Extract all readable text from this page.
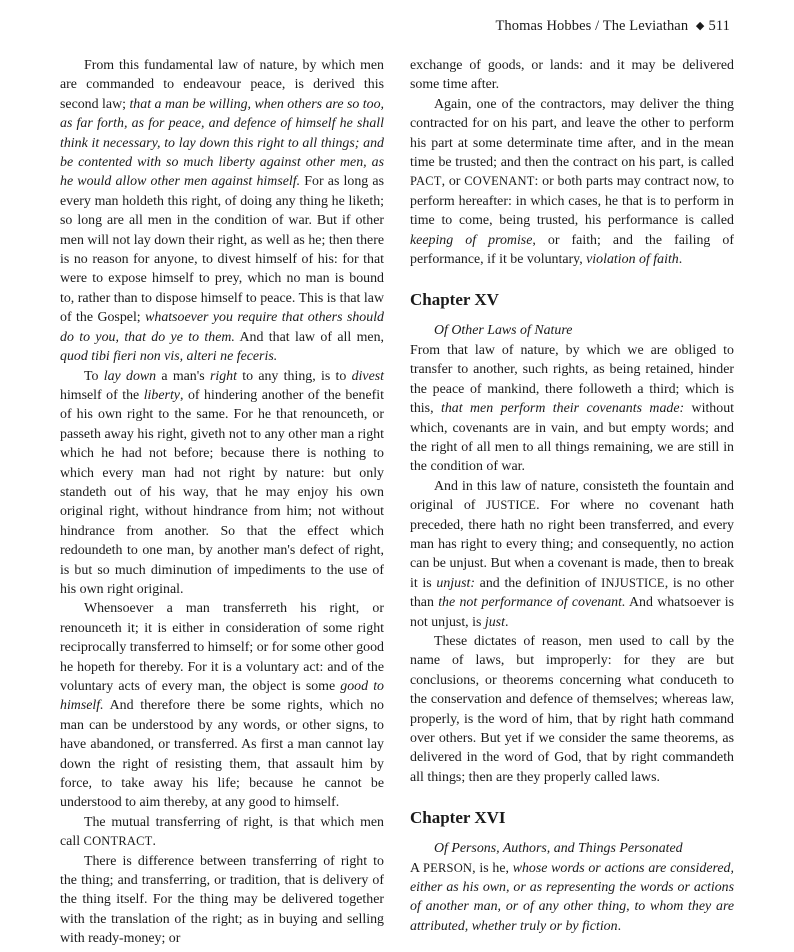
Thomas Hobbes / The Leviathan ◆ 511

From this fundamental law of nature, by which men are commanded to endeavour peace, is derived this second law; that a man be willing, when others are so too, as far forth, as for peace, and defence of himself he shall think it necessary, to lay down this right to all things; and be contented with so much liberty against other men, as he would allow other men against himself. For as long as every man holdeth this right, of doing any thing he liketh; so long are all men in the condition of war. But if other men will not lay down their right, as well as he; then there is no reason for anyone, to divest himself of his: for that were to expose himself to prey, which no man is bound to, rather than to dispose himself to peace. This is that law of the Gospel; whatsoever you require that others should do to you, that do ye to them. And that law of all men, quod tibi fieri non vis, alteri ne feceris.

To lay down a man's right to any thing, is to divest himself of the liberty, of hindering another of the benefit of his own right to the same. For he that renounceth, or passeth away his right, giveth not to any other man a right which he had not before; because there is nothing to which every man had not right by nature: but only standeth out of his way, that he may enjoy his own original right, without hindrance from him; not without hindrance from another. So that the effect which redoundeth to one man, by another man's defect of right, is but so much diminution of impediments to the use of his own right original.

Whensoever a man transferreth his right, or renounceth it; it is either in consideration of some right reciprocally transferred to himself; or for some other good he hopeth for thereby. For it is a voluntary act: and of the voluntary acts of every man, the object is some good to himself. And therefore there be some rights, which no man can be understood by any words, or other signs, to have abandoned, or transferred. As first a man cannot lay down the right of resisting them, that assault him by force, to take away his life; because he cannot be understood to aim thereby, at any good to himself.

The mutual transferring of right, is that which men call CONTRACT.

There is difference between transferring of right to the thing; and transferring, or tradition, that is delivery of the thing itself. For the thing may be delivered together with the translation of the right; as in buying and selling with ready-money; or

exchange of goods, or lands: and it may be delivered some time after.

Again, one of the contractors, may deliver the thing contracted for on his part, and leave the other to perform his part at some determinate time after, and in the mean time be trusted; and then the contract on his part, is called PACT, or COVENANT: or both parts may contract now, to perform hereafter: in which cases, he that is to perform in time to come, being trusted, his performance is called keeping of promise, or faith; and the failing of performance, if it be voluntary, violation of faith.

Chapter XV

Of Other Laws of Nature

From that law of nature, by which we are obliged to transfer to another, such rights, as being retained, hinder the peace of mankind, there followeth a third; which is this, that men perform their covenants made: without which, covenants are in vain, and but empty words; and the right of all men to all things remaining, we are still in the condition of war.

And in this law of nature, consisteth the fountain and original of JUSTICE. For where no covenant hath preceded, there hath no right been transferred, and every man has right to every thing; and consequently, no action can be unjust. But when a covenant is made, then to break it is unjust: and the definition of INJUSTICE, is no other than the not performance of covenant. And whatsoever is not unjust, is just.

These dictates of reason, men used to call by the name of laws, but improperly: for they are but conclusions, or theorems concerning what conduceth to the conservation and defence of themselves; whereas law, properly, is the word of him, that by right hath command over others. But yet if we consider the same theorems, as delivered in the word of God, that by right commandeth all things; then are they properly called laws.

Chapter XVI

Of Persons, Authors, and Things Personated

A PERSON, is he, whose words or actions are considered, either as his own, or as representing the words or actions of another man, or of any other thing, to whom they are attributed, whether truly or by fiction.
